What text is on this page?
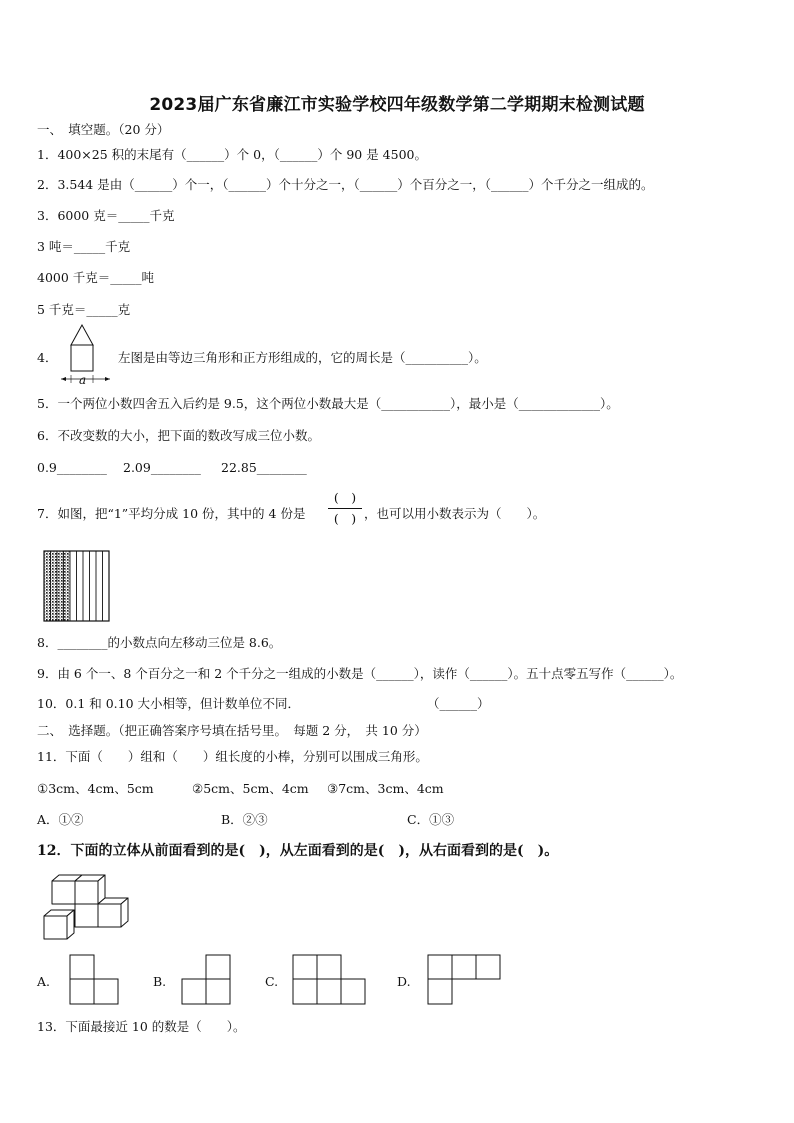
2023届广东省廉江市实验学校四年级数学第二学期期末检测试题
一、　填空题。（20 分）
1．400×25 积的末尾有（______）个 0，（______）个 90 是 4500。
2．3.544 是由（______）个一，（______）个十分之一，（______）个百分之一，（______）个千分之一组成的。
3．6000 克＝_____千克
3 吨＝_____千克
4000 千克＝_____吨
5 千克＝_____克
4．
a
左图是由等边三角形和正方形组成的，它的周长是（__________）。
5．一个两位小数四舍五入后约是 9.5，这个两位小数最大是（___________），最小是（_____________）。
6．不改变数的大小，把下面的数改写成三位小数。
0.9________ 2.09________ 22.85________
7．如图，把“1”平均分成 10 份，其中的 4 份是
(　)
(　) ，也可以用小数表示为（　　）。
8．________的小数点向左移动三位是 8.6。
9．由 6 个一、8 个百分之一和 2 个千分之一组成的小数是（______），读作（______）。五十点零五写作（______）。
10．0.1 和 0.10 大小相等，但计数单位不同．	（______）
二、　选择题。（把正确答案序号填在括号里。　每题 2 分，　共 10 分）
11．下面（　　）组和（　　）组长度的小棒，分别可以围成三角形。
①3cm、4cm、5cm	②5cm、5cm、4cm ③7cm、3cm、4cm
A．①②	B．②③	C．①③
12．下面的立体从前面看到的是(　)，从左面看到的是(　)，从右面看到的是(　)。
A.	B.	C.	D.
13．下面最接近 10 的数是（　　）。
